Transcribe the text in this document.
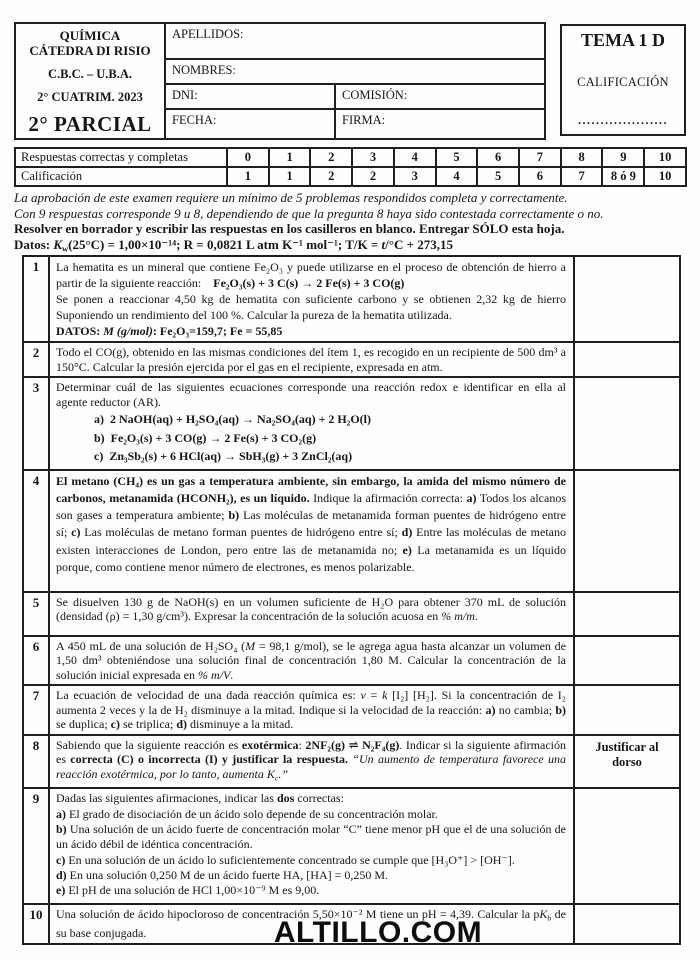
QUÍMICA
CÁTEDRA DI RISIO
C.B.C. – U.B.A.
2° CUATRIM. 2023
2° PARCIAL
APELLIDOS:
NOMBRES:
DNI:	COMISIÓN:
FECHA:	FIRMA:
TEMA 1 D
CALIFICACIÓN
....................
Respuestas correctas y completas	0	1	2	3	4	5	6	7	8	9	10
Calificación	1	1	2	2	3	4	5	6	7	8 ó 9	10
La aprobación de este examen requiere un mínimo de 5 problemas respondidos completa y correctamente.
Con 9 respuestas corresponde 9 u 8, dependiendo de que la pregunta 8 haya sido contestada correctamente o no.
Resolver en borrador y escribir las respuestas en los casilleros en blanco. Entregar SÓLO esta hoja.
Datos: $K_w(25^\circ C) = 1,00\times 10^{-14}$; R = 0,0821 L atm K⁻¹ mol⁻¹; T/K = t/°C + 273,15
1	La hematita es un mineral que contiene Fe₂O₃ y puede utilizarse en el proceso de obtención de hierro a partir de la siguiente reacción:    Fe₂O₃(s) + 3 C(s) → 2 Fe(s) + 3 CO(g)
Se ponen a reaccionar 4,50 kg de hematita con suficiente carbono y se obtienen 2,32 kg de hierro Suponiendo un rendimiento del 100 %. Calcular la pureza de la hematita utilizada.
DATOS: M (g/mol): Fe₂O₃=159,7; Fe = 55,85	

2	Todo el CO(g), obtenido en las mismas condiciones del ítem 1, es recogido en un recipiente de 500 dm³ a 150°C. Calcular la presión ejercida por el gas en el recipiente, expresada en atm.	

3	Determinar cuál de las siguientes ecuaciones corresponde una reacción redox e identificar en ella al agente reductor (AR).
a)  2 NaOH(aq) + H₂SO₄(aq) → Na₂SO₄(aq) + 2 H₂O(l)
b)  Fe₂O₃(s) + 3 CO(g) → 2 Fe(s) + 3 CO₂(g)
c)  Zn₃Sb₂(s) + 6 HCl(aq) → SbH₃(g) + 3 ZnCl₂(aq)	

4	El metano (CH₄) es un gas a temperatura ambiente, sin embargo, la amida del mismo número de carbonos, metanamida (HCONH₂), es un líquido. Indique la afirmación correcta: a) Todos los alcanos son gases a temperatura ambiente; b) Las moléculas de metanamida forman puentes de hidrógeno entre sí; c) Las moléculas de metano forman puentes de hidrógeno entre sí; d) Entre las moléculas de metano existen interacciones de London, pero entre las de metanamida no; e) La metanamida es un líquido porque, como contiene menor número de electrones, es menos polarizable.	

5	Se disuelven 130 g de NaOH(s) en un volumen suficiente de H₂O para obtener 370 mL de solución (densidad (ρ) = 1,30 g/cm³). Expresar la concentración de la solución acuosa en % m/m.	

6	A 450 mL de una solución de H₂SO₄ (M = 98,1 g/mol), se le agrega agua hasta alcanzar un volumen de 1,50 dm³ obteniéndose una solución final de concentración 1,80 M. Calcular la concentración de la solución inicial expresada en % m/V.	

7	La ecuación de velocidad de una dada reacción química es: v = k [I₂] [H₂]. Si la concentración de I₂ aumenta 2 veces y la de H₂ disminuye a la mitad. Indique si la velocidad de la reacción: a) no cambia; b) se duplica; c) se triplica; d) disminuye a la mitad.	

8	Sabiendo que la siguiente reacción es exotérmica: 2NF₂(g) ⇌ N₂F₄(g). Indicar si la siguiente afirmación es correcta (C) o incorrecta (I) y justificar la respuesta. “Un aumento de temperatura favorece una reacción exotérmica, por lo tanto, aumenta $K_c$.”	Justificar al dorso

9	Dadas las siguientes afirmaciones, indicar las dos correctas:
a) El grado de disociación de un ácido solo depende de su concentración molar.
b) Una solución de un ácido fuerte de concentración molar “C” tiene menor pH que el de una solución de un ácido débil de idéntica concentración.
c) En una solución de un ácido lo suficientemente concentrado se cumple que [H₃O⁺] > [OH⁻].
d) En una solución 0,250 M de un ácido fuerte HA, [HA] = 0,250 M.
e) El pH de una solución de HCl 1,00×10⁻⁹ M es 9,00.

10	Una solución de ácido hipocloroso de concentración 5,50×10⁻² M tiene un pH = 4,39. Calcular la $pK_b$ de su base conjugada.	
		ALTILLO.COM
